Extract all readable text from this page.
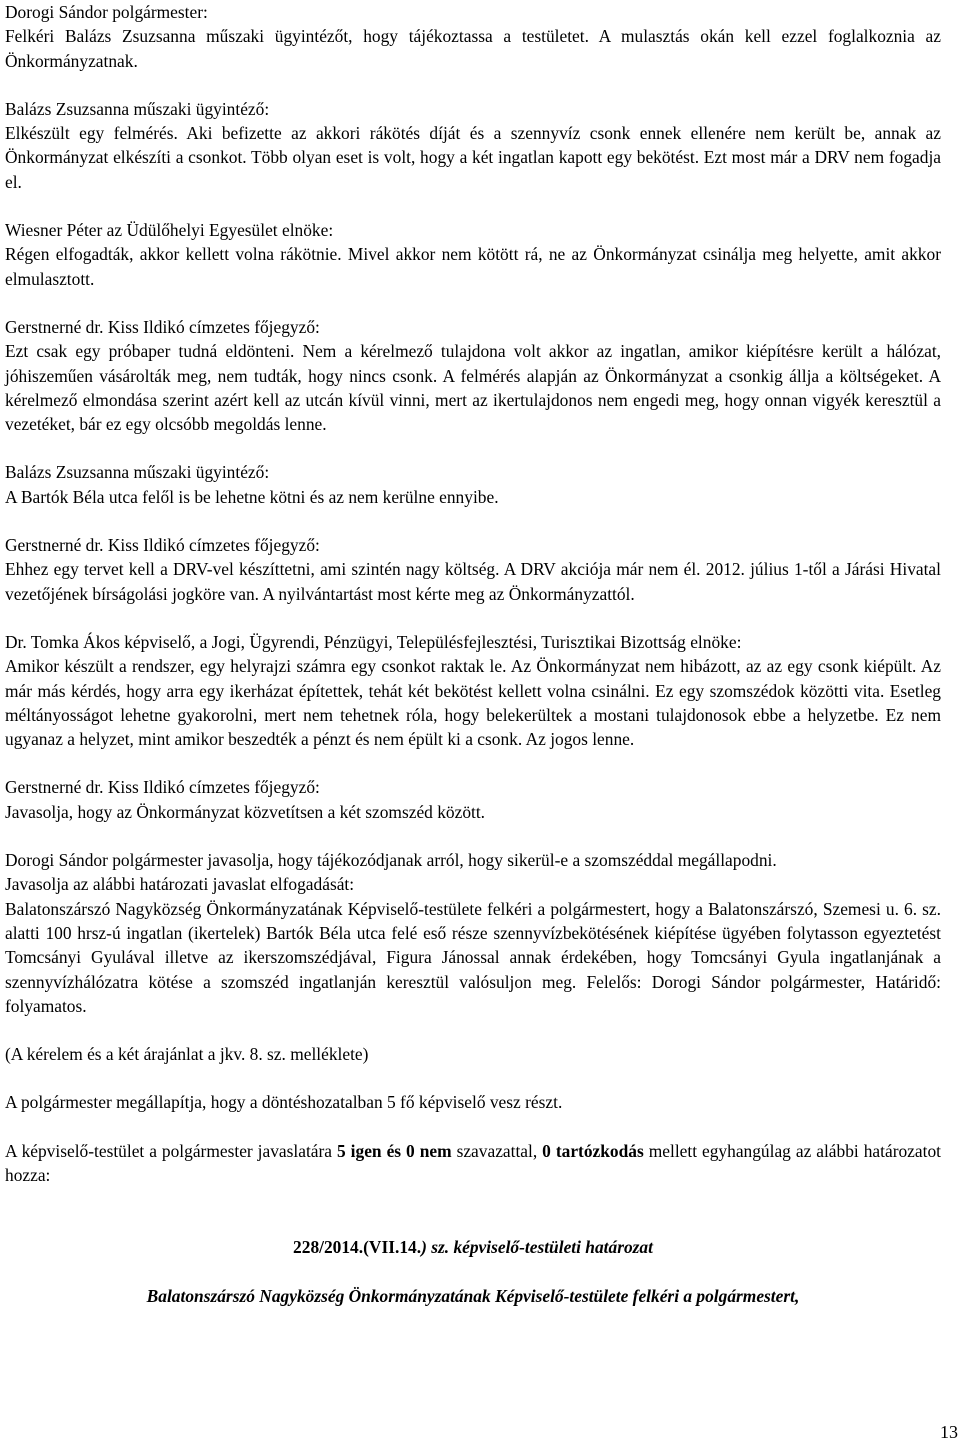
Dorogi Sándor polgármester:
Felkéri Balázs Zsuzsanna műszaki ügyintézőt, hogy tájékoztassa a testületet. A mulasztás okán kell ezzel foglalkoznia az Önkormányzatnak.

Balázs Zsuzsanna műszaki ügyintéző:
Elkészült egy felmérés. Aki befizette az akkori rákötés díját és a szennyvíz csonk ennek ellenére nem került be, annak az Önkormányzat elkészíti a csonkot. Több olyan eset is volt, hogy a két ingatlan kapott egy bekötést. Ezt most már a DRV nem fogadja el.

Wiesner Péter az Üdülőhelyi Egyesület elnöke:
Régen elfogadták, akkor kellett volna rákötnie. Mivel akkor nem kötött rá, ne az Önkormányzat csinálja meg helyette, amit akkor elmulasztott.

Gerstnerné dr. Kiss Ildikó címzetes főjegyző:
Ezt csak egy próbaper tudná eldönteni. Nem a kérelmező tulajdona volt akkor az ingatlan, amikor kiépítésre került a hálózat, jóhiszeműen vásárolták meg, nem tudták, hogy nincs csonk. A felmérés alapján az Önkormányzat a csonkig állja a költségeket. A kérelmező elmondása szerint azért kell az utcán kívül vinni, mert az ikertulajdonos nem engedi meg, hogy onnan vigyék keresztül a vezetéket, bár ez egy olcsóbb megoldás lenne.

Balázs Zsuzsanna műszaki ügyintéző:
A Bartók Béla utca felől is be lehetne kötni és az nem kerülne ennyibe.

Gerstnerné dr. Kiss Ildikó címzetes főjegyző:
Ehhez egy tervet kell a DRV-vel készíttetni, ami szintén nagy költség. A DRV akciója már nem él. 2012. július 1-től a Járási Hivatal vezetőjének bírságolási jogköre van. A nyilvántartást most kérte meg az Önkormányzattól.

Dr. Tomka Ákos képviselő, a Jogi, Ügyrendi, Pénzügyi, Településfejlesztési, Turisztikai Bizottság elnöke:
Amikor készült a rendszer, egy helyrajzi számra egy csonkot raktak le. Az Önkormányzat nem hibázott, az az egy csonk kiépült. Az már más kérdés, hogy arra egy ikerházat építettek, tehát két bekötést kellett volna csinálni. Ez egy szomszédok közötti vita. Esetleg méltányosságot lehetne gyakorolni, mert nem tehetnek róla, hogy belekerültek a mostani tulajdonosok ebbe a helyzetbe. Ez nem ugyanaz a helyzet, mint amikor beszedték a pénzt és nem épült ki a csonk. Az jogos lenne.

Gerstnerné dr. Kiss Ildikó címzetes főjegyző:
Javasolja, hogy az Önkormányzat közvetítsen a két szomszéd között.

Dorogi Sándor polgármester javasolja, hogy tájékozódjanak arról, hogy sikerül-e a szomszéddal megállapodni.

Javasolja az alábbi határozati javaslat elfogadását:

Balatonszárszó Nagyközség Önkormányzatának Képviselő-testülete felkéri a polgármestert, hogy a Balatonszárszó, Szemesi u. 6. sz. alatti 100 hrsz-ú ingatlan (ikertelek) Bartók Béla utca felé eső része szennyvízbekötésének kiépítése ügyében folytasson egyeztetést Tomcsányi Gyulával illetve az ikerszomszédjával, Figura Jánossal annak érdekében, hogy Tomcsányi Gyula ingatlanjának a szennyvízhálózatra kötése a szomszéd ingatlanján keresztül valósuljon meg. Felelős: Dorogi Sándor polgármester, Határidő: folyamatos.

(A kérelem és a két árajánlat a jkv. 8. sz. melléklete)

A polgármester megállapítja, hogy a döntéshozatalban 5 fő képviselő vesz részt.

A képviselő-testület a polgármester javaslatára 5 igen és 0 nem szavazattal, 0 tartózkodás mellett egyhangúlag az alábbi határozatot hozza:

228/2014.(VII.14.) sz. képviselő-testületi határozat
Balatonszárszó Nagyközség Önkormányzatának Képviselő-testülete felkéri a polgármestert,
13
